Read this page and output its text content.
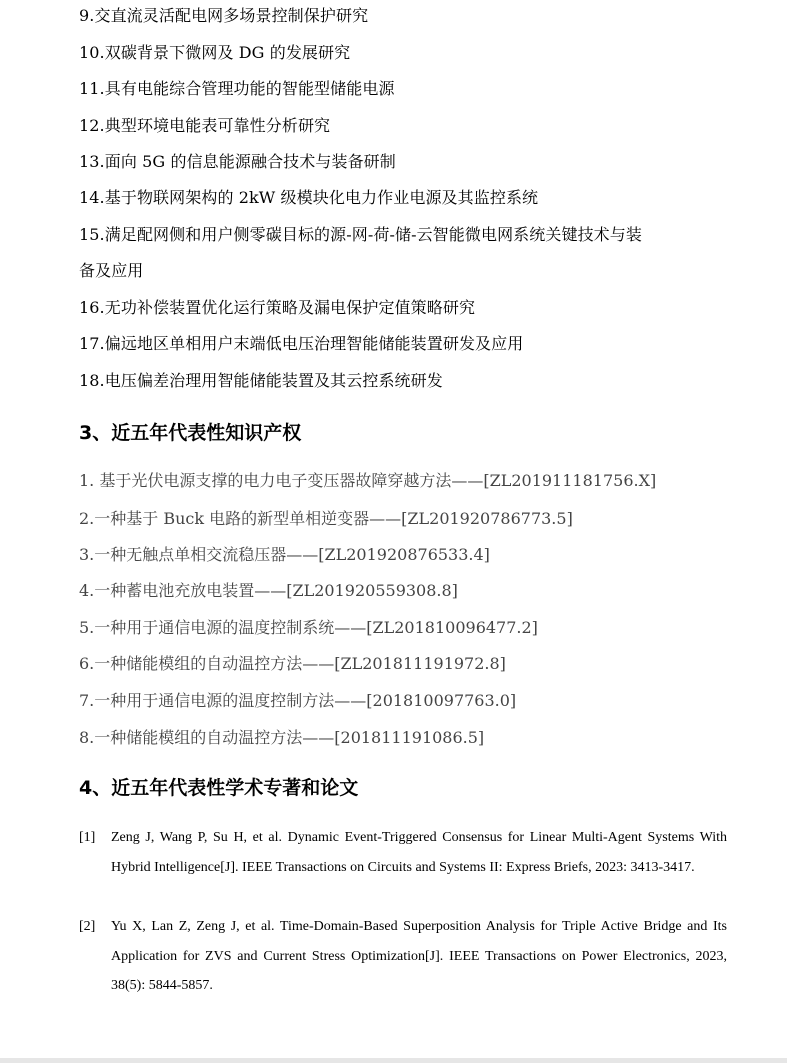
9.交直流灵活配电网多场景控制保护研究
10.双碳背景下微网及 DG 的发展研究
11.具有电能综合管理功能的智能型储能电源
12.典型环境电能表可靠性分析研究
13.面向 5G 的信息能源融合技术与装备研制
14.基于物联网架构的 2kW 级模块化电力作业电源及其监控系统
15.满足配网侧和用户侧零碳目标的源-网-荷-储-云智能微电网系统关键技术与装
备及应用
16.无功补偿装置优化运行策略及漏电保护定值策略研究
17.偏远地区单相用户末端低电压治理智能储能装置研发及应用
18.电压偏差治理用智能储能装置及其云控系统研发
3、近五年代表性知识产权
1. 基于光伏电源支撑的电力电子变压器故障穿越方法——[ZL201911181756.X]
2.一种基于 Buck 电路的新型单相逆变器——[ZL201920786773.5]
3.一种无触点单相交流稳压器——[ZL201920876533.4]
4.一种蓄电池充放电装置——[ZL201920559308.8]
5.一种用于通信电源的温度控制系统——[ZL201810096477.2]
6.一种储能模组的自动温控方法——[ZL201811191972.8]
7.一种用于通信电源的温度控制方法——[201810097763.0]
8.一种储能模组的自动温控方法——[201811191086.5]
4、近五年代表性学术专著和论文
[1] Zeng J, Wang P, Su H, et al. Dynamic Event-Triggered Consensus for Linear Multi-Agent Systems With Hybrid Intelligence[J]. IEEE Transactions on Circuits and Systems II: Express Briefs, 2023: 3413-3417.
[2] Yu X, Lan Z, Zeng J, et al. Time-Domain-Based Superposition Analysis for Triple Active Bridge and Its Application for ZVS and Current Stress Optimization[J]. IEEE Transactions on Power Electronics, 2023, 38(5): 5844-5857.
